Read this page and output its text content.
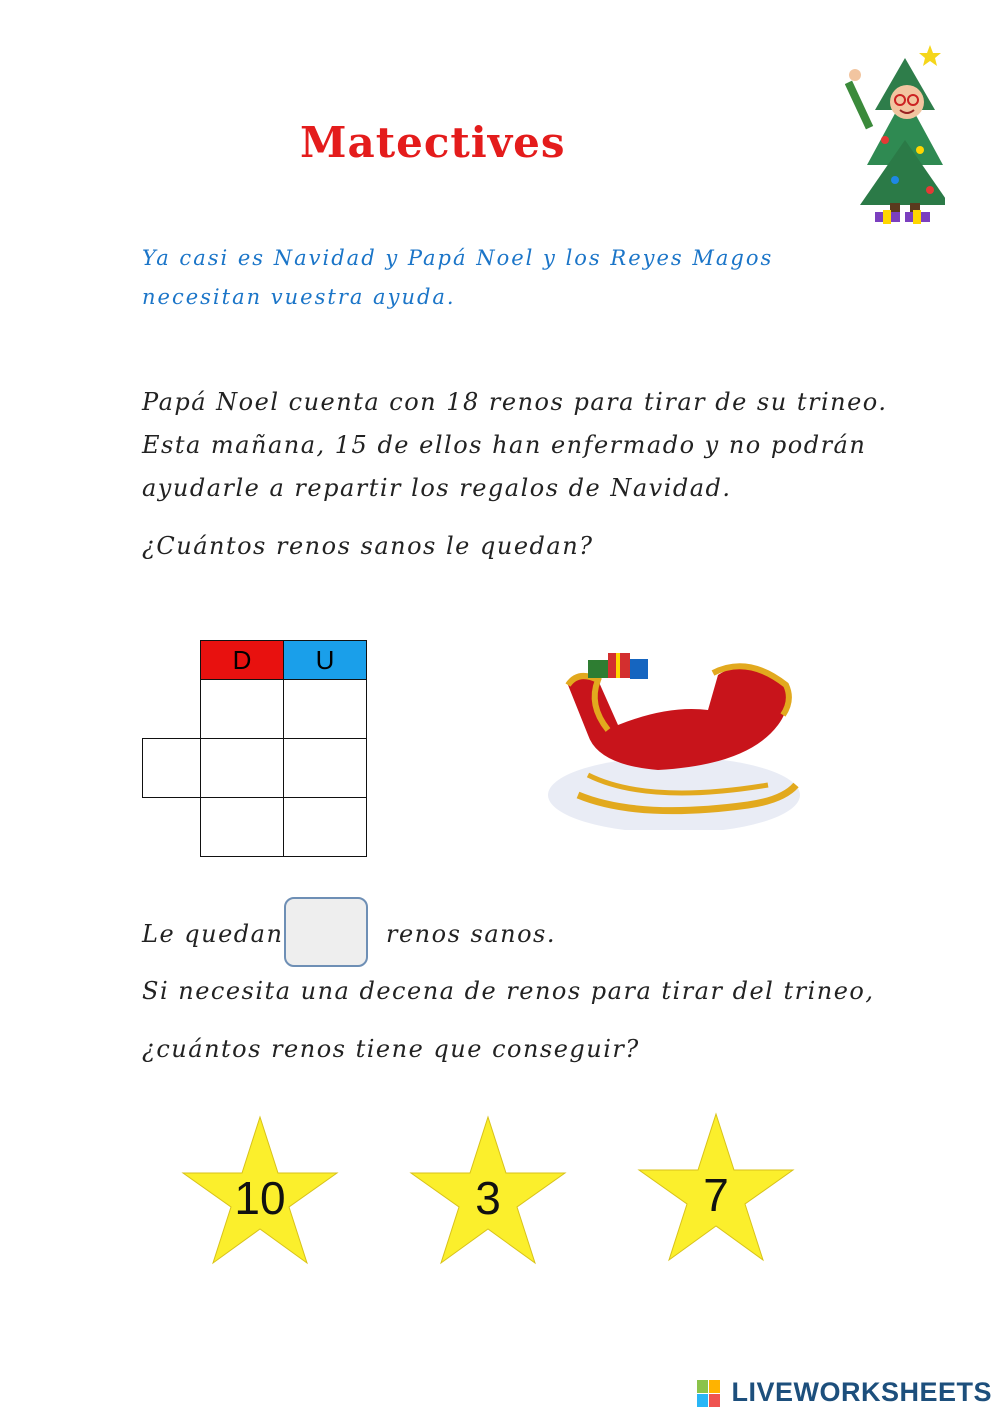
Matectives
Ya casi es Navidad y Papá Noel y los Reyes Magos
necesitan vuestra ayuda.
Papá Noel cuenta con 18 renos para tirar de su trineo.
Esta mañana, 15 de ellos han enfermado y no podrán
ayudarle a repartir los regalos de Navidad.
¿Cuántos renos sanos le quedan?
	D	U

Le quedan	renos sanos.
Si necesita una decena de renos para tirar del trineo,
¿cuántos renos tiene que conseguir?
10	3	7
LIVEWORKSHEETS
